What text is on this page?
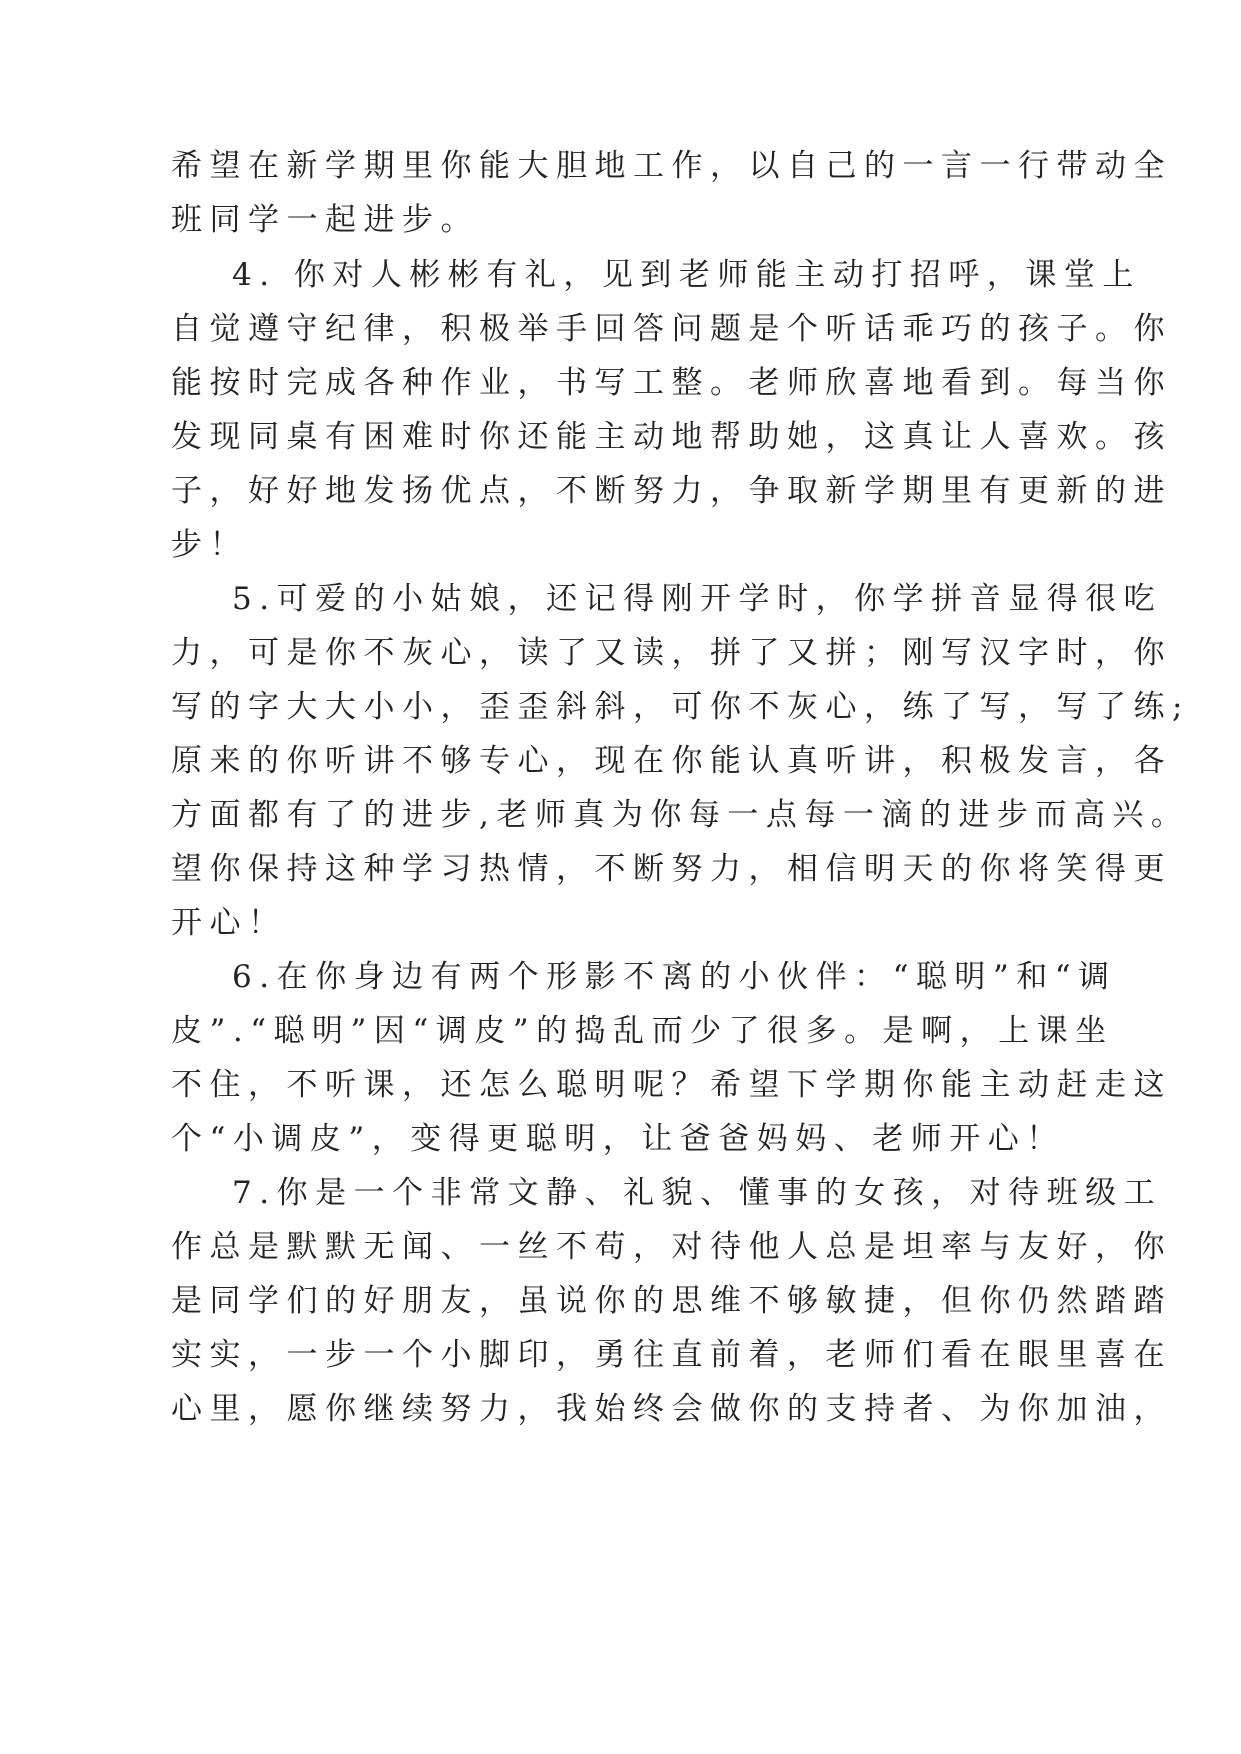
希望在新学期里你能大胆地工作，以自己的一言一行带动全
班同学一起进步。
4. 你对人彬彬有礼，见到老师能主动打招呼，课堂上
自觉遵守纪律，积极举手回答问题是个听话乖巧的孩子。你
能按时完成各种作业，书写工整。老师欣喜地看到。每当你
发现同桌有困难时你还能主动地帮助她，这真让人喜欢。孩
子，好好地发扬优点，不断努力，争取新学期里有更新的进
步！
5.可爱的小姑娘，还记得刚开学时，你学拼音显得很吃
力，可是你不灰心，读了又读，拼了又拼；刚写汉字时，你
写的字大大小小，歪歪斜斜，可你不灰心，练了写，写了练;
原来的你听讲不够专心，现在你能认真听讲，积极发言，各
方面都有了的进步,老师真为你每一点每一滴的进步而高兴。
望你保持这种学习热情，不断努力，相信明天的你将笑得更
开心！
6.在你身边有两个形影不离的小伙伴：“聪明”和“调
皮”.“聪明”因“调皮”的捣乱而少了很多。是啊，上课坐
不住，不听课，还怎么聪明呢？希望下学期你能主动赶走这
个“小调皮”，变得更聪明，让爸爸妈妈、老师开心！
7.你是一个非常文静、礼貌、懂事的女孩，对待班级工
作总是默默无闻、一丝不苟，对待他人总是坦率与友好，你
是同学们的好朋友，虽说你的思维不够敏捷，但你仍然踏踏
实实，一步一个小脚印，勇往直前着，老师们看在眼里喜在
心里，愿你继续努力，我始终会做你的支持者、为你加油，
